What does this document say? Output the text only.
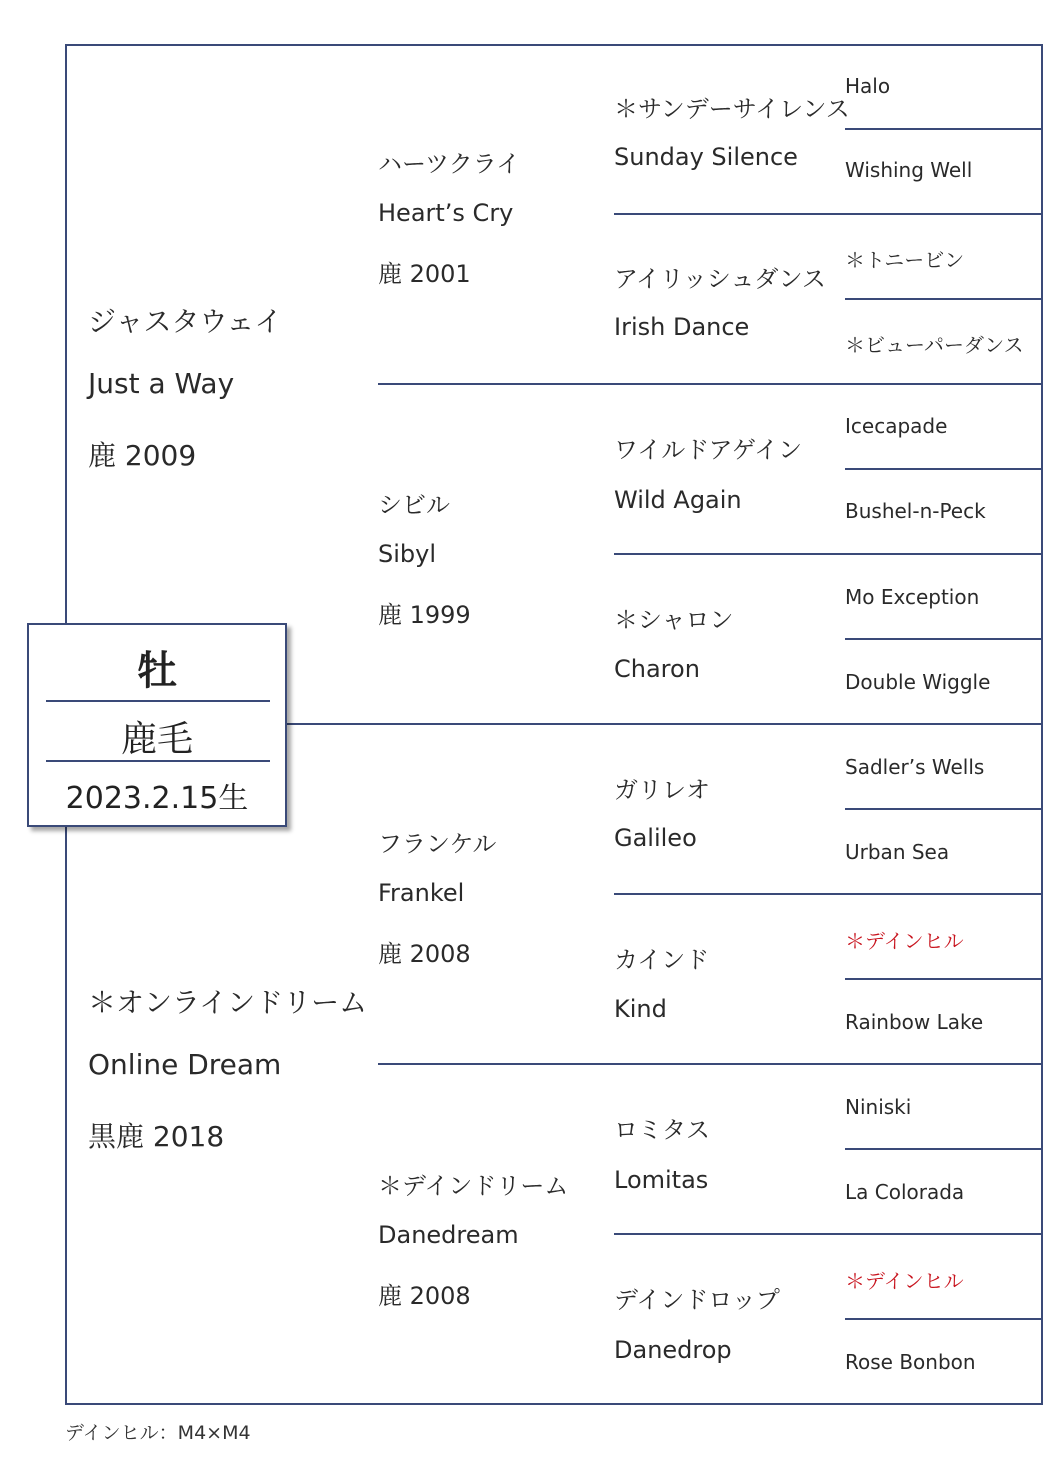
ジャスタウェイ
Just a Way
鹿 2009
＊オンラインドリーム
Online Dream
黒鹿 2018
ハーツクライ
Heart’s Cry
鹿 2001
シビル
Sibyl
鹿 1999
フランケル
Frankel
鹿 2008
＊デインドリーム
Danedream
鹿 2008
＊サンデーサイレンス
Sunday Silence
アイリッシュダンス
Irish Dance
ワイルドアゲイン
Wild Again
＊シャロン
Charon
ガリレオ
Galileo
カインド
Kind
ロミタス
Lomitas
デインドロップ
Danedrop
Halo
Wishing Well
＊トニービン
＊ビューパーダンス
Icecapade
Bushel-n-Peck
Mo Exception
Double Wiggle
Sadler’s Wells
Urban Sea
＊デインヒル
Rainbow Lake
Niniski
La Colorada
＊デインヒル
Rose Bonbon
牡
鹿毛
2023.2.15生
デインヒル：M4×M4
